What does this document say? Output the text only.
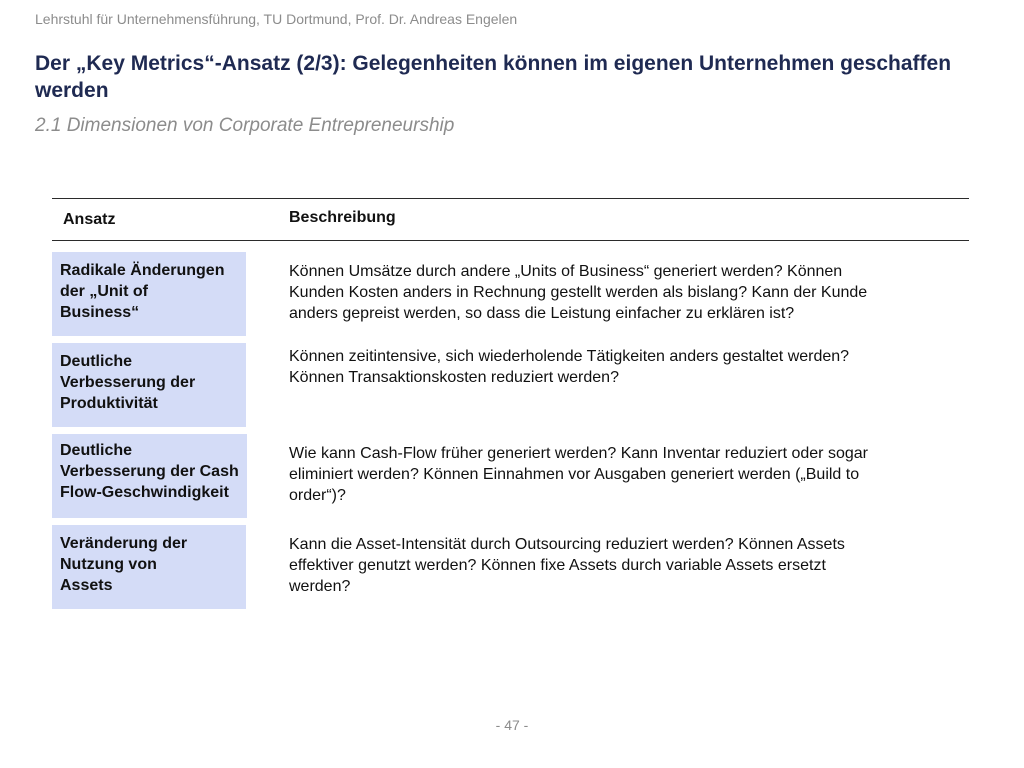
Lehrstuhl für Unternehmensführung, TU Dortmund, Prof. Dr. Andreas Engelen
Der „Key Metrics“-Ansatz (2/3): Gelegenheiten können im eigenen Unternehmen geschaffen werden
2.1 Dimensionen von Corporate Entrepreneurship
Ansatz	Beschreibung
Radikale Änderungen
der „Unit of
Business“
Können Umsätze durch andere „Units of Business“ generiert werden? Können
Kunden Kosten anders in Rechnung gestellt werden als bislang? Kann der Kunde
anders gepreist werden, so dass die Leistung einfacher zu erklären ist?
Deutliche
Verbesserung der
Produktivität
Können zeitintensive, sich wiederholende Tätigkeiten anders gestaltet werden?
Können Transaktionskosten reduziert werden?
Deutliche
Verbesserung der Cash
Flow-Geschwindigkeit
Wie kann Cash-Flow früher generiert werden? Kann Inventar reduziert oder sogar
eliminiert werden? Können Einnahmen vor Ausgaben generiert werden („Build to
order“)?
Veränderung der
Nutzung von
Assets
Kann die Asset-Intensität durch Outsourcing reduziert werden? Können Assets
effektiver genutzt werden? Können fixe Assets durch variable Assets ersetzt
werden?
- 47 -
